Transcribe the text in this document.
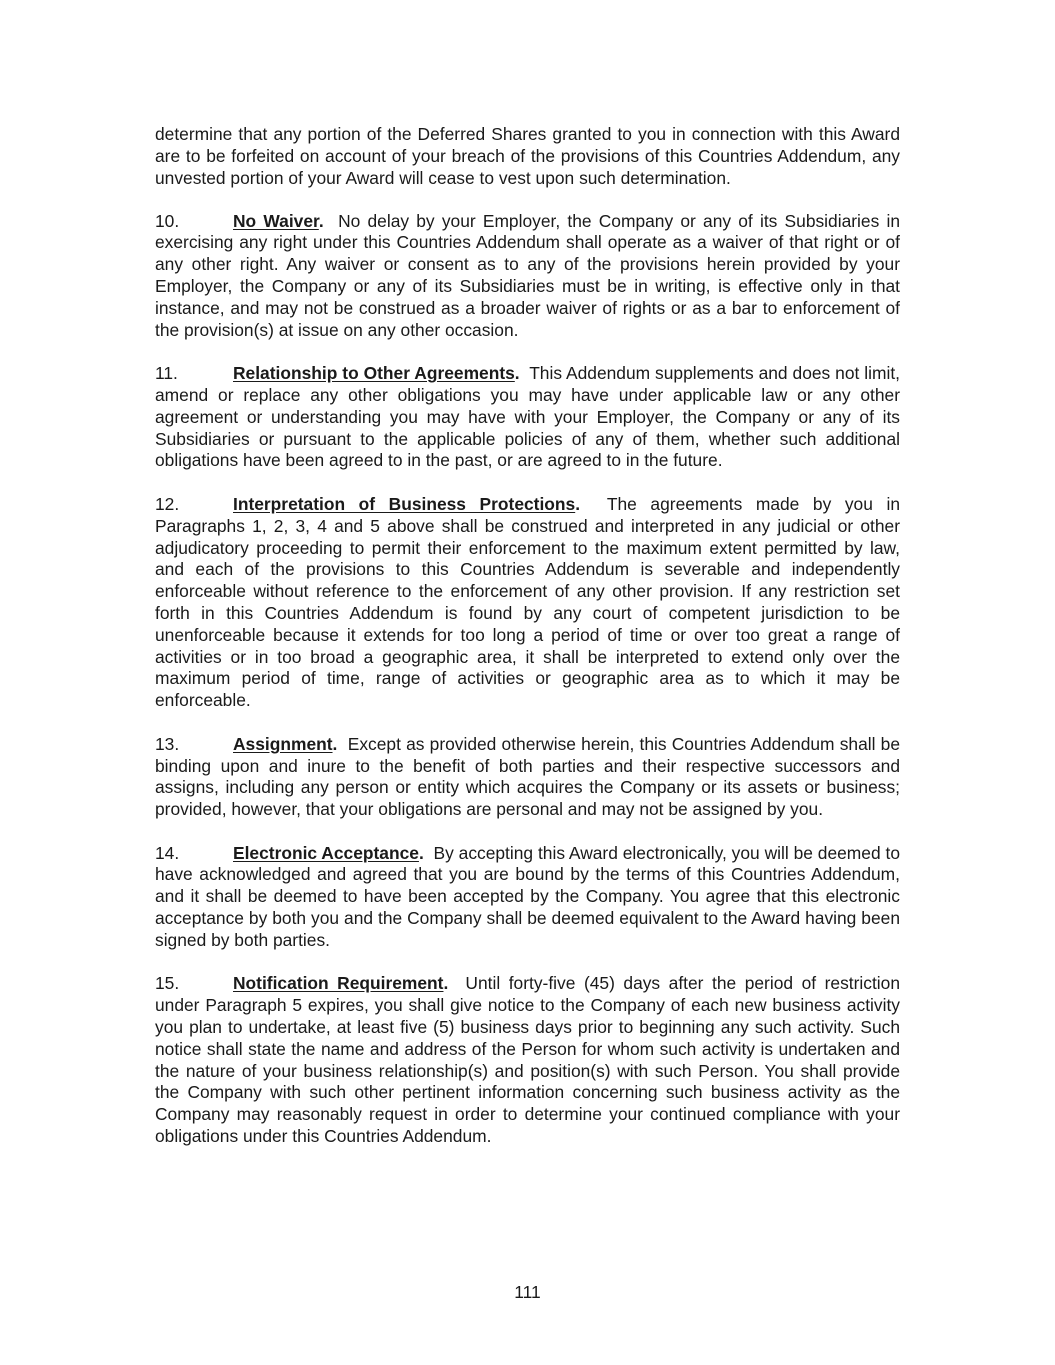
determine that any portion of the Deferred Shares granted to you in connection with this Award are to be forfeited on account of your breach of the provisions of this Countries Addendum, any unvested portion of your Award will cease to vest upon such determination.

10.	No Waiver. No delay by your Employer, the Company or any of its Subsidiaries in exercising any right under this Countries Addendum shall operate as a waiver of that right or of any other right. Any waiver or consent as to any of the provisions herein provided by your Employer, the Company or any of its Subsidiaries must be in writing, is effective only in that instance, and may not be construed as a broader waiver of rights or as a bar to enforcement of the provision(s) at issue on any other occasion.

11.	Relationship to Other Agreements. This Addendum supplements and does not limit, amend or replace any other obligations you may have under applicable law or any other agreement or understanding you may have with your Employer, the Company or any of its Subsidiaries or pursuant to the applicable policies of any of them, whether such additional obligations have been agreed to in the past, or are agreed to in the future.

12.	Interpretation of Business Protections. The agreements made by you in Paragraphs 1, 2, 3, 4 and 5 above shall be construed and interpreted in any judicial or other adjudicatory proceeding to permit their enforcement to the maximum extent permitted by law, and each of the provisions to this Countries Addendum is severable and independently enforceable without reference to the enforcement of any other provision. If any restriction set forth in this Countries Addendum is found by any court of competent jurisdiction to be unenforceable because it extends for too long a period of time or over too great a range of activities or in too broad a geographic area, it shall be interpreted to extend only over the maximum period of time, range of activities or geographic area as to which it may be enforceable.

13.	Assignment. Except as provided otherwise herein, this Countries Addendum shall be binding upon and inure to the benefit of both parties and their respective successors and assigns, including any person or entity which acquires the Company or its assets or business; provided, however, that your obligations are personal and may not be assigned by you.

14.	Electronic Acceptance. By accepting this Award electronically, you will be deemed to have acknowledged and agreed that you are bound by the terms of this Countries Addendum, and it shall be deemed to have been accepted by the Company. You agree that this electronic acceptance by both you and the Company shall be deemed equivalent to the Award having been signed by both parties.

15.	Notification Requirement. Until forty-five (45) days after the period of restriction under Paragraph 5 expires, you shall give notice to the Company of each new business activity you plan to undertake, at least five (5) business days prior to beginning any such activity. Such notice shall state the name and address of the Person for whom such activity is undertaken and the nature of your business relationship(s) and position(s) with such Person. You shall provide the Company with such other pertinent information concerning such business activity as the Company may reasonably request in order to determine your continued compliance with your obligations under this Countries Addendum.

111
